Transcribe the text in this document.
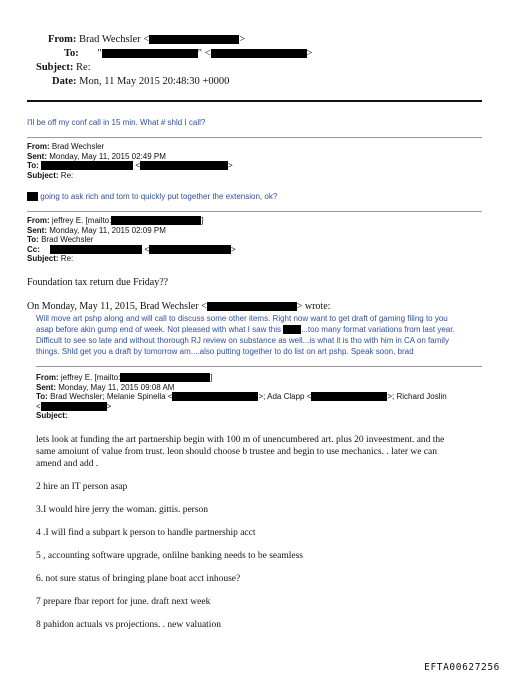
From: Brad Wechsler <	>
To: "	" <	>
Subject: Re:
Date: Mon, 11 May 2015 20:48:30 +0000
I'll be off my conf call in 15 min. What # shld I call?
From: Brad Wechsler
Sent: Monday, May 11, 2015 02:49 PM
To:	<	>
Subject: Re:
going to ask rich and tom to quickly put together the extension, ok?
From: jeffrey E. [mailto:	]
Sent: Monday, May 11, 2015 02:09 PM
To: Brad Wechsler
Cc:	<	>
Subject: Re:
Foundation tax return due Friday??
On Monday, May 11, 2015, Brad Wechsler <	> wrote:
Will move art pshp along and will call to discuss some other items. Right now want to get draft of gaming filing to you
asap before akin gump end of week. Not pleased with what I saw this	...too many format variations from last year.
Difficult to see so late and without thorough RJ review on substance as well...is what it is tho with him in CA on family
things. Shld get you a draft by tomorrow am....also putting together to do list on art pshp. Speak soon, brad
From: jeffrey E. [mailto:	]
Sent: Monday, May 11, 2015 09:08 AM
To: Brad Wechsler; Melanie Spinella <	>; Ada Clapp <	>; Richard Joslin
<	>
Subject:
lets look at funding the art partnership begin with 100 m of unencumbered art. plus 20 inveestment. and the
same amoiunt of value from trust. leon should choose b trustee and begin to use mechanics. . later we can
amend and add .
2 hire an IT person asap
3.I would hire jerry the woman. gittis. person
4 .I will find a subpart k person to handle partnership acct
5 , accounting software upgrade, onlilne banking needs to be seamless
6. not sure status of bringing plane boat acct inhouse?
7 prepare fbar report for june. draft next week
8 pahidon actuals vs projections. . new valuation
EFTA00627256
